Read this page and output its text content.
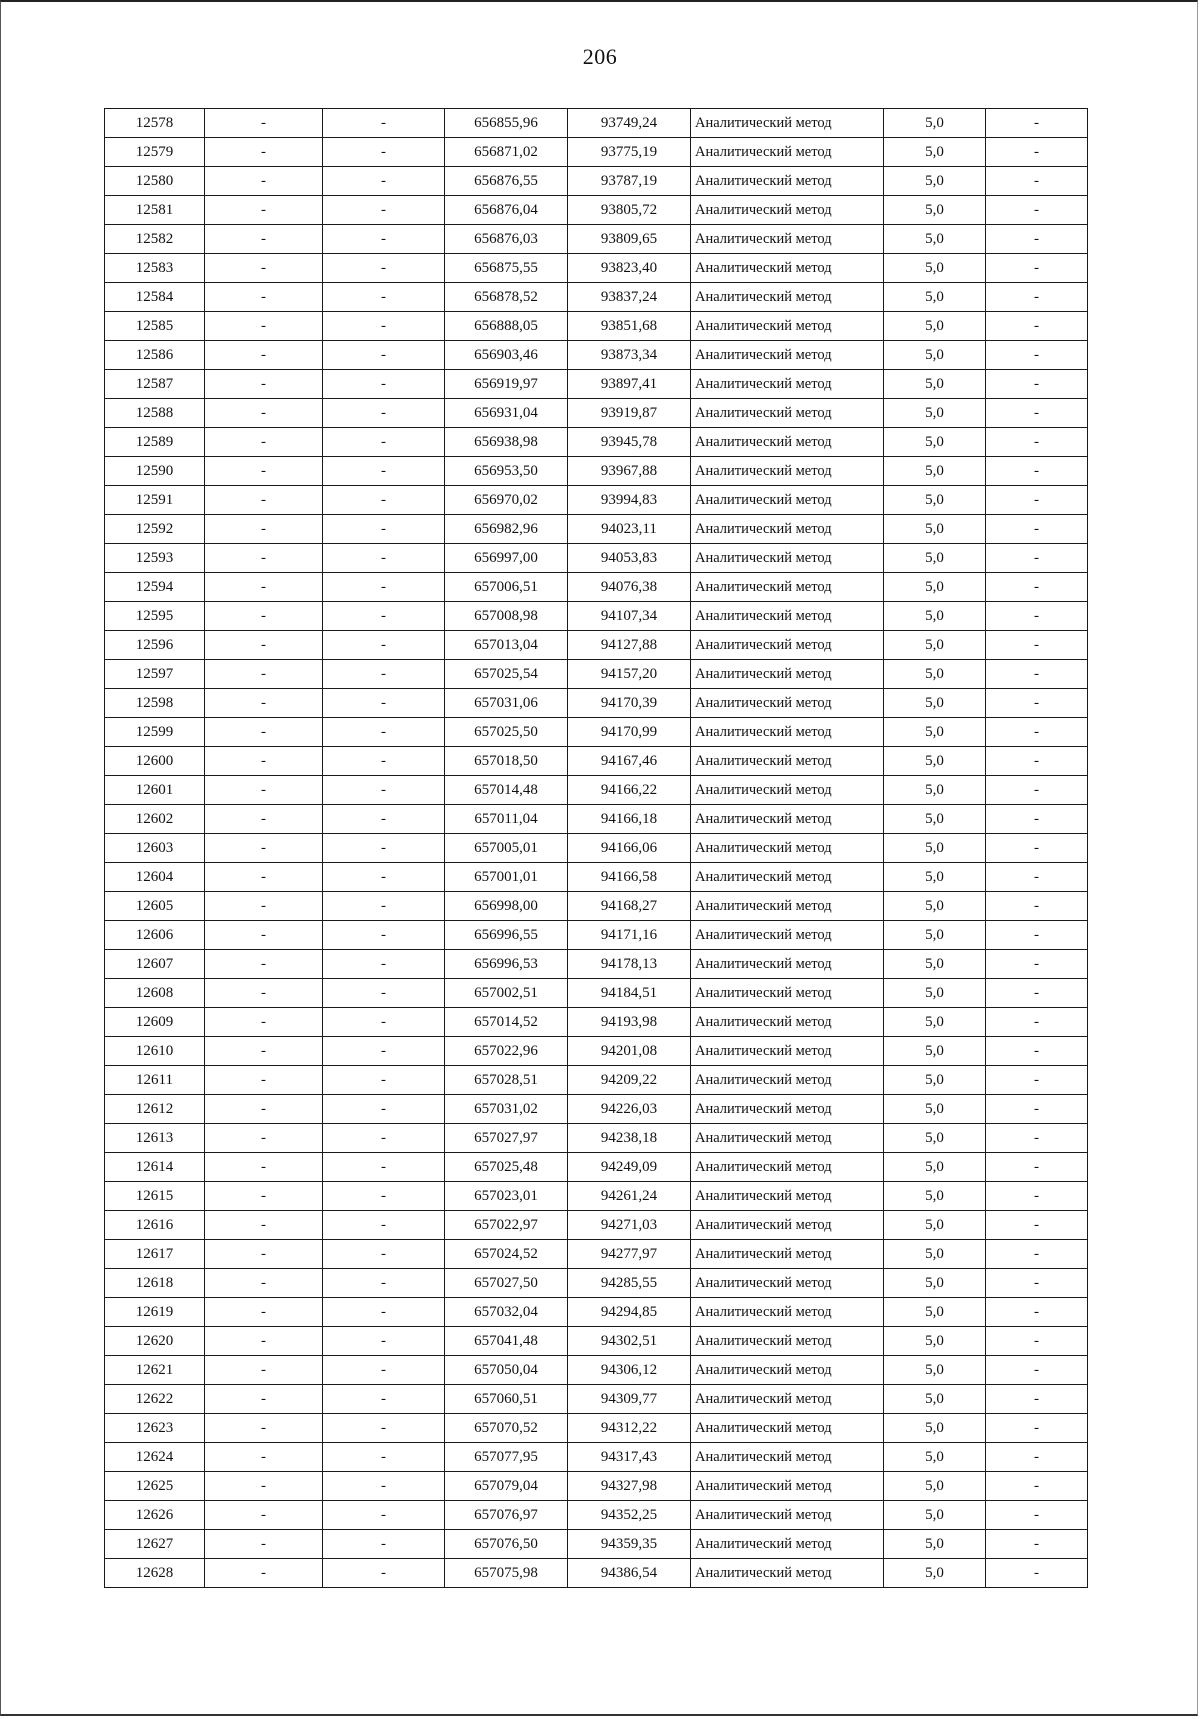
206
12578	-	-	656855,96	93749,24	Аналитический метод	5,0	-
12579	-	-	656871,02	93775,19	Аналитический метод	5,0	-
12580	-	-	656876,55	93787,19	Аналитический метод	5,0	-
12581	-	-	656876,04	93805,72	Аналитический метод	5,0	-
12582	-	-	656876,03	93809,65	Аналитический метод	5,0	-
12583	-	-	656875,55	93823,40	Аналитический метод	5,0	-
12584	-	-	656878,52	93837,24	Аналитический метод	5,0	-
12585	-	-	656888,05	93851,68	Аналитический метод	5,0	-
12586	-	-	656903,46	93873,34	Аналитический метод	5,0	-
12587	-	-	656919,97	93897,41	Аналитический метод	5,0	-
12588	-	-	656931,04	93919,87	Аналитический метод	5,0	-
12589	-	-	656938,98	93945,78	Аналитический метод	5,0	-
12590	-	-	656953,50	93967,88	Аналитический метод	5,0	-
12591	-	-	656970,02	93994,83	Аналитический метод	5,0	-
12592	-	-	656982,96	94023,11	Аналитический метод	5,0	-
12593	-	-	656997,00	94053,83	Аналитический метод	5,0	-
12594	-	-	657006,51	94076,38	Аналитический метод	5,0	-
12595	-	-	657008,98	94107,34	Аналитический метод	5,0	-
12596	-	-	657013,04	94127,88	Аналитический метод	5,0	-
12597	-	-	657025,54	94157,20	Аналитический метод	5,0	-
12598	-	-	657031,06	94170,39	Аналитический метод	5,0	-
12599	-	-	657025,50	94170,99	Аналитический метод	5,0	-
12600	-	-	657018,50	94167,46	Аналитический метод	5,0	-
12601	-	-	657014,48	94166,22	Аналитический метод	5,0	-
12602	-	-	657011,04	94166,18	Аналитический метод	5,0	-
12603	-	-	657005,01	94166,06	Аналитический метод	5,0	-
12604	-	-	657001,01	94166,58	Аналитический метод	5,0	-
12605	-	-	656998,00	94168,27	Аналитический метод	5,0	-
12606	-	-	656996,55	94171,16	Аналитический метод	5,0	-
12607	-	-	656996,53	94178,13	Аналитический метод	5,0	-
12608	-	-	657002,51	94184,51	Аналитический метод	5,0	-
12609	-	-	657014,52	94193,98	Аналитический метод	5,0	-
12610	-	-	657022,96	94201,08	Аналитический метод	5,0	-
12611	-	-	657028,51	94209,22	Аналитический метод	5,0	-
12612	-	-	657031,02	94226,03	Аналитический метод	5,0	-
12613	-	-	657027,97	94238,18	Аналитический метод	5,0	-
12614	-	-	657025,48	94249,09	Аналитический метод	5,0	-
12615	-	-	657023,01	94261,24	Аналитический метод	5,0	-
12616	-	-	657022,97	94271,03	Аналитический метод	5,0	-
12617	-	-	657024,52	94277,97	Аналитический метод	5,0	-
12618	-	-	657027,50	94285,55	Аналитический метод	5,0	-
12619	-	-	657032,04	94294,85	Аналитический метод	5,0	-
12620	-	-	657041,48	94302,51	Аналитический метод	5,0	-
12621	-	-	657050,04	94306,12	Аналитический метод	5,0	-
12622	-	-	657060,51	94309,77	Аналитический метод	5,0	-
12623	-	-	657070,52	94312,22	Аналитический метод	5,0	-
12624	-	-	657077,95	94317,43	Аналитический метод	5,0	-
12625	-	-	657079,04	94327,98	Аналитический метод	5,0	-
12626	-	-	657076,97	94352,25	Аналитический метод	5,0	-
12627	-	-	657076,50	94359,35	Аналитический метод	5,0	-
12628	-	-	657075,98	94386,54	Аналитический метод	5,0	-
